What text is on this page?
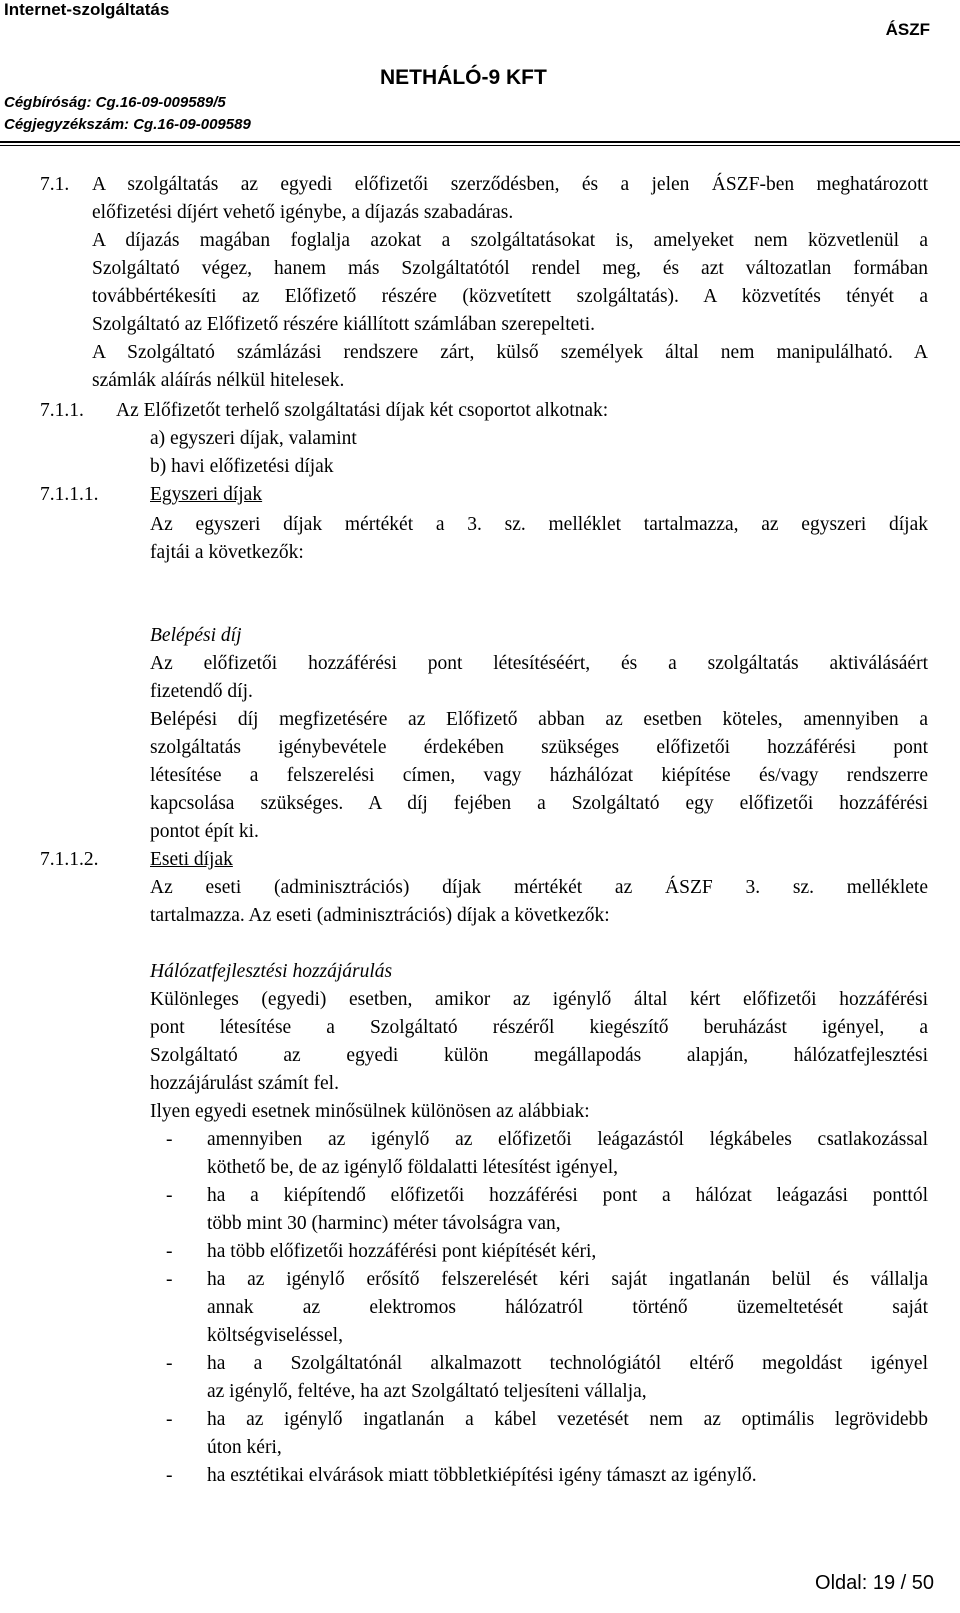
Internet-szolgáltatás
ÁSZF
NETHÁLÓ-9 KFT
Cégbíróság: Cg.16-09-009589/5
Cégjegyzékszám: Cg.16-09-009589
7.1. A szolgáltatás az egyedi előfizetői szerződésben, és a jelen ÁSZF-ben meghatározott
előfizetési díjért vehető igénybe, a díjazás szabadáras.
A díjazás magában foglalja azokat a szolgáltatásokat is, amelyeket nem közvetlenül a
Szolgáltató végez, hanem más Szolgáltatótól rendel meg, és azt változatlan formában
továbbértékesíti az Előfizető részére (közvetített szolgáltatás). A közvetítés tényét a
Szolgáltató az Előfizető részére kiállított számlában szerepelteti.
A Szolgáltató számlázási rendszere zárt, külső személyek által nem manipulálható. A
számlák aláírás nélkül hitelesek.
7.1.1. Az Előfizetőt terhelő szolgáltatási díjak két csoportot alkotnak:
a) egyszeri díjak, valamint
b) havi előfizetési díjak
7.1.1.1.	Egyszeri díjak
Az egyszeri díjak mértékét a 3. sz. melléklet tartalmazza, az egyszeri díjak
fajtái a következők:
Belépési díj
Az előfizetői hozzáférési pont létesítéséért, és a szolgáltatás aktiválásáért
fizetendő díj.
Belépési díj megfizetésére az Előfizető abban az esetben köteles, amennyiben a
szolgáltatás igénybevétele érdekében szükséges előfizetői hozzáférési pont
létesítése a felszerelési címen, vagy házhálózat kiépítése és/vagy rendszerre
kapcsolása szükséges. A díj fejében a Szolgáltató egy előfizetői hozzáférési
pontot épít ki.
7.1.1.2.	Eseti díjak
Az eseti (adminisztrációs) díjak mértékét az ÁSZF 3. sz. melléklete
tartalmazza. Az eseti (adminisztrációs) díjak a következők:
Hálózatfejlesztési hozzájárulás
Különleges (egyedi) esetben, amikor az igénylő által kért előfizetői hozzáférési
pont létesítése a Szolgáltató részéről kiegészítő beruházást igényel, a
Szolgáltató az egyedi külön megállapodás alapján, hálózatfejlesztési
hozzájárulást számít fel.
Ilyen egyedi esetnek minősülnek különösen az alábbiak:
- amennyiben az igénylő az előfizetői leágazástól légkábeles csatlakozással
köthető be, de az igénylő földalatti létesítést igényel,
- ha a kiépítendő előfizetői hozzáférési pont a hálózat leágazási ponttól
több mint 30 (harminc) méter távolságra van,
- ha több előfizetői hozzáférési pont kiépítését kéri,
- ha az igénylő erősítő felszerelését kéri saját ingatlanán belül és vállalja
annak az elektromos hálózatról történő üzemeltetését saját
költségviseléssel,
- ha a Szolgáltatónál alkalmazott technológiától eltérő megoldást igényel
az igénylő, feltéve, ha azt Szolgáltató teljesíteni vállalja,
- ha az igénylő ingatlanán a kábel vezetését nem az optimális legrövidebb
úton kéri,
- ha esztétikai elvárások miatt többletkiépítési igény támaszt az igénylő.
Oldal: 19 / 50
